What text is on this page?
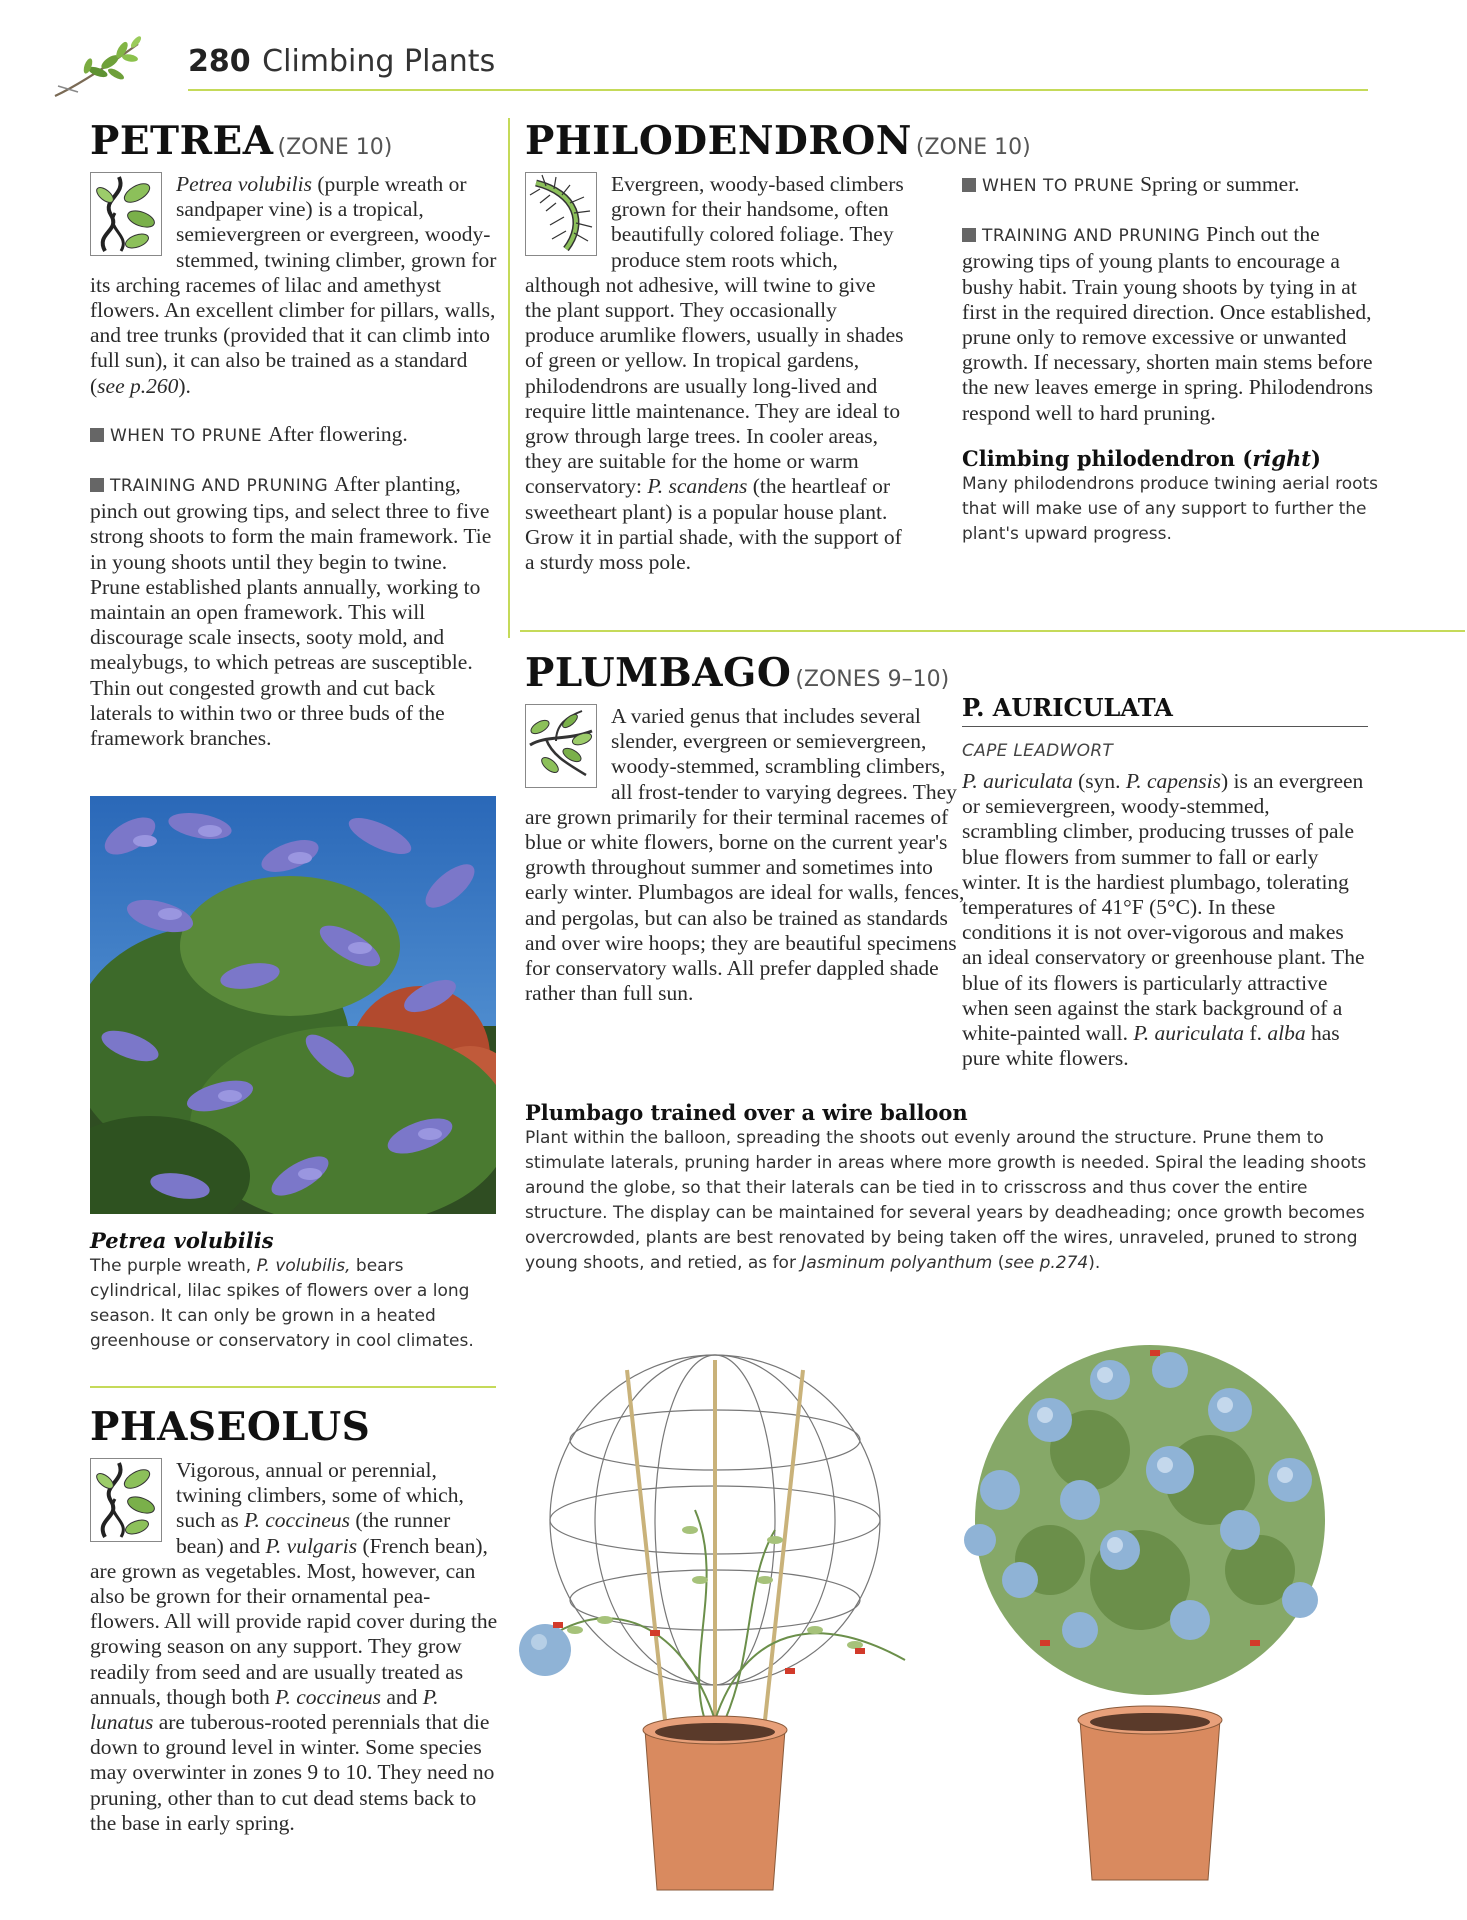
280 Climbing Plants
PETREA (ZONE 10)

Petrea volubilis (purple wreath or sandpaper vine) is a tropical, semievergreen or evergreen, woody-stemmed, twining climber, grown for its arching racemes of lilac and amethyst flowers. An excellent climber for pillars, walls, and tree trunks (provided that it can climb into full sun), it can also be trained as a standard (see p.260).

WHEN TO PRUNE After flowering.

TRAINING AND PRUNING After planting, pinch out growing tips, and select three to five strong shoots to form the main framework. Tie in young shoots until they begin to twine. Prune established plants annually, working to maintain an open framework. This will discourage scale insects, sooty mold, and mealybugs, to which petreas are susceptible. Thin out congested growth and cut back laterals to within two or three buds of the framework branches.

Petrea volubilis

The purple wreath, P. volubilis, bears cylindrical, lilac spikes of flowers over a long season. It can only be grown in a heated greenhouse or conservatory in cool climates.

PHASEOLUS

Vigorous, annual or perennial, twining climbers, some of which, such as P. coccineus (the runner bean) and P. vulgaris (French bean), are grown as vegetables. Most, however, can also be grown for their ornamental pea-flowers. All will provide rapid cover during the growing season on any support. They grow readily from seed and are usually treated as annuals, though both P. coccineus and P. lunatus are tuberous-rooted perennials that die down to ground level in winter. Some species may overwinter in zones 9 to 10. They need no pruning, other than to cut dead stems back to the base in early spring.

PHILODENDRON (ZONE 10)

Evergreen, woody-based climbers grown for their handsome, often beautifully colored foliage. They produce stem roots which, although not adhesive, will twine to give the plant support. They occasionally produce arumlike flowers, usually in shades of green or yellow. In tropical gardens, philodendrons are usually long-lived and require little maintenance. They are ideal to grow through large trees. In cooler areas, they are suitable for the home or warm conservatory: P. scandens (the heartleaf or sweetheart plant) is a popular house plant. Grow it in partial shade, with the support of a sturdy moss pole.

WHEN TO PRUNE Spring or summer.

TRAINING AND PRUNING Pinch out the growing tips of young plants to encourage a bushy habit. Train young shoots by tying in at first in the required direction. Once established, prune only to remove excessive or unwanted growth. If necessary, shorten main stems before the new leaves emerge in spring. Philodendrons respond well to hard pruning.

Climbing philodendron (right)

Many philodendrons produce twining aerial roots that will make use of any support to further the plant's upward progress.

PLUMBAGO (ZONES 9–10)

A varied genus that includes several slender, evergreen or semievergreen, woody-stemmed, scrambling climbers, all frost-tender to varying degrees. They are grown primarily for their terminal racemes of blue or white flowers, borne on the current year's growth throughout summer and sometimes into early winter. Plumbagos are ideal for walls, fences, and pergolas, but can also be trained as standards and over wire hoops; they are beautiful specimens for conservatory walls. All prefer dappled shade rather than full sun.

P. AURICULATA
CAPE LEADWORT

P. auriculata (syn. P. capensis) is an evergreen or semievergreen, woody-stemmed, scrambling climber, producing trusses of pale blue flowers from summer to fall or early winter. It is the hardiest plumbago, tolerating temperatures of 41°F (5°C). In these conditions it is not over-vigorous and makes an ideal conservatory or greenhouse plant. The blue of its flowers is particularly attractive when seen against the stark background of a white-painted wall. P. auriculata f. alba has pure white flowers.

Plumbago trained over a wire balloon

Plant within the balloon, spreading the shoots out evenly around the structure. Prune them to stimulate laterals, pruning harder in areas where more growth is needed. Spiral the leading shoots around the globe, so that their laterals can be tied in to crisscross and thus cover the entire structure. The display can be maintained for several years by deadheading; once growth becomes overcrowded, plants are best renovated by being taken off the wires, unraveled, pruned to strong young shoots, and retied, as for Jasminum polyanthum (see p.274).
